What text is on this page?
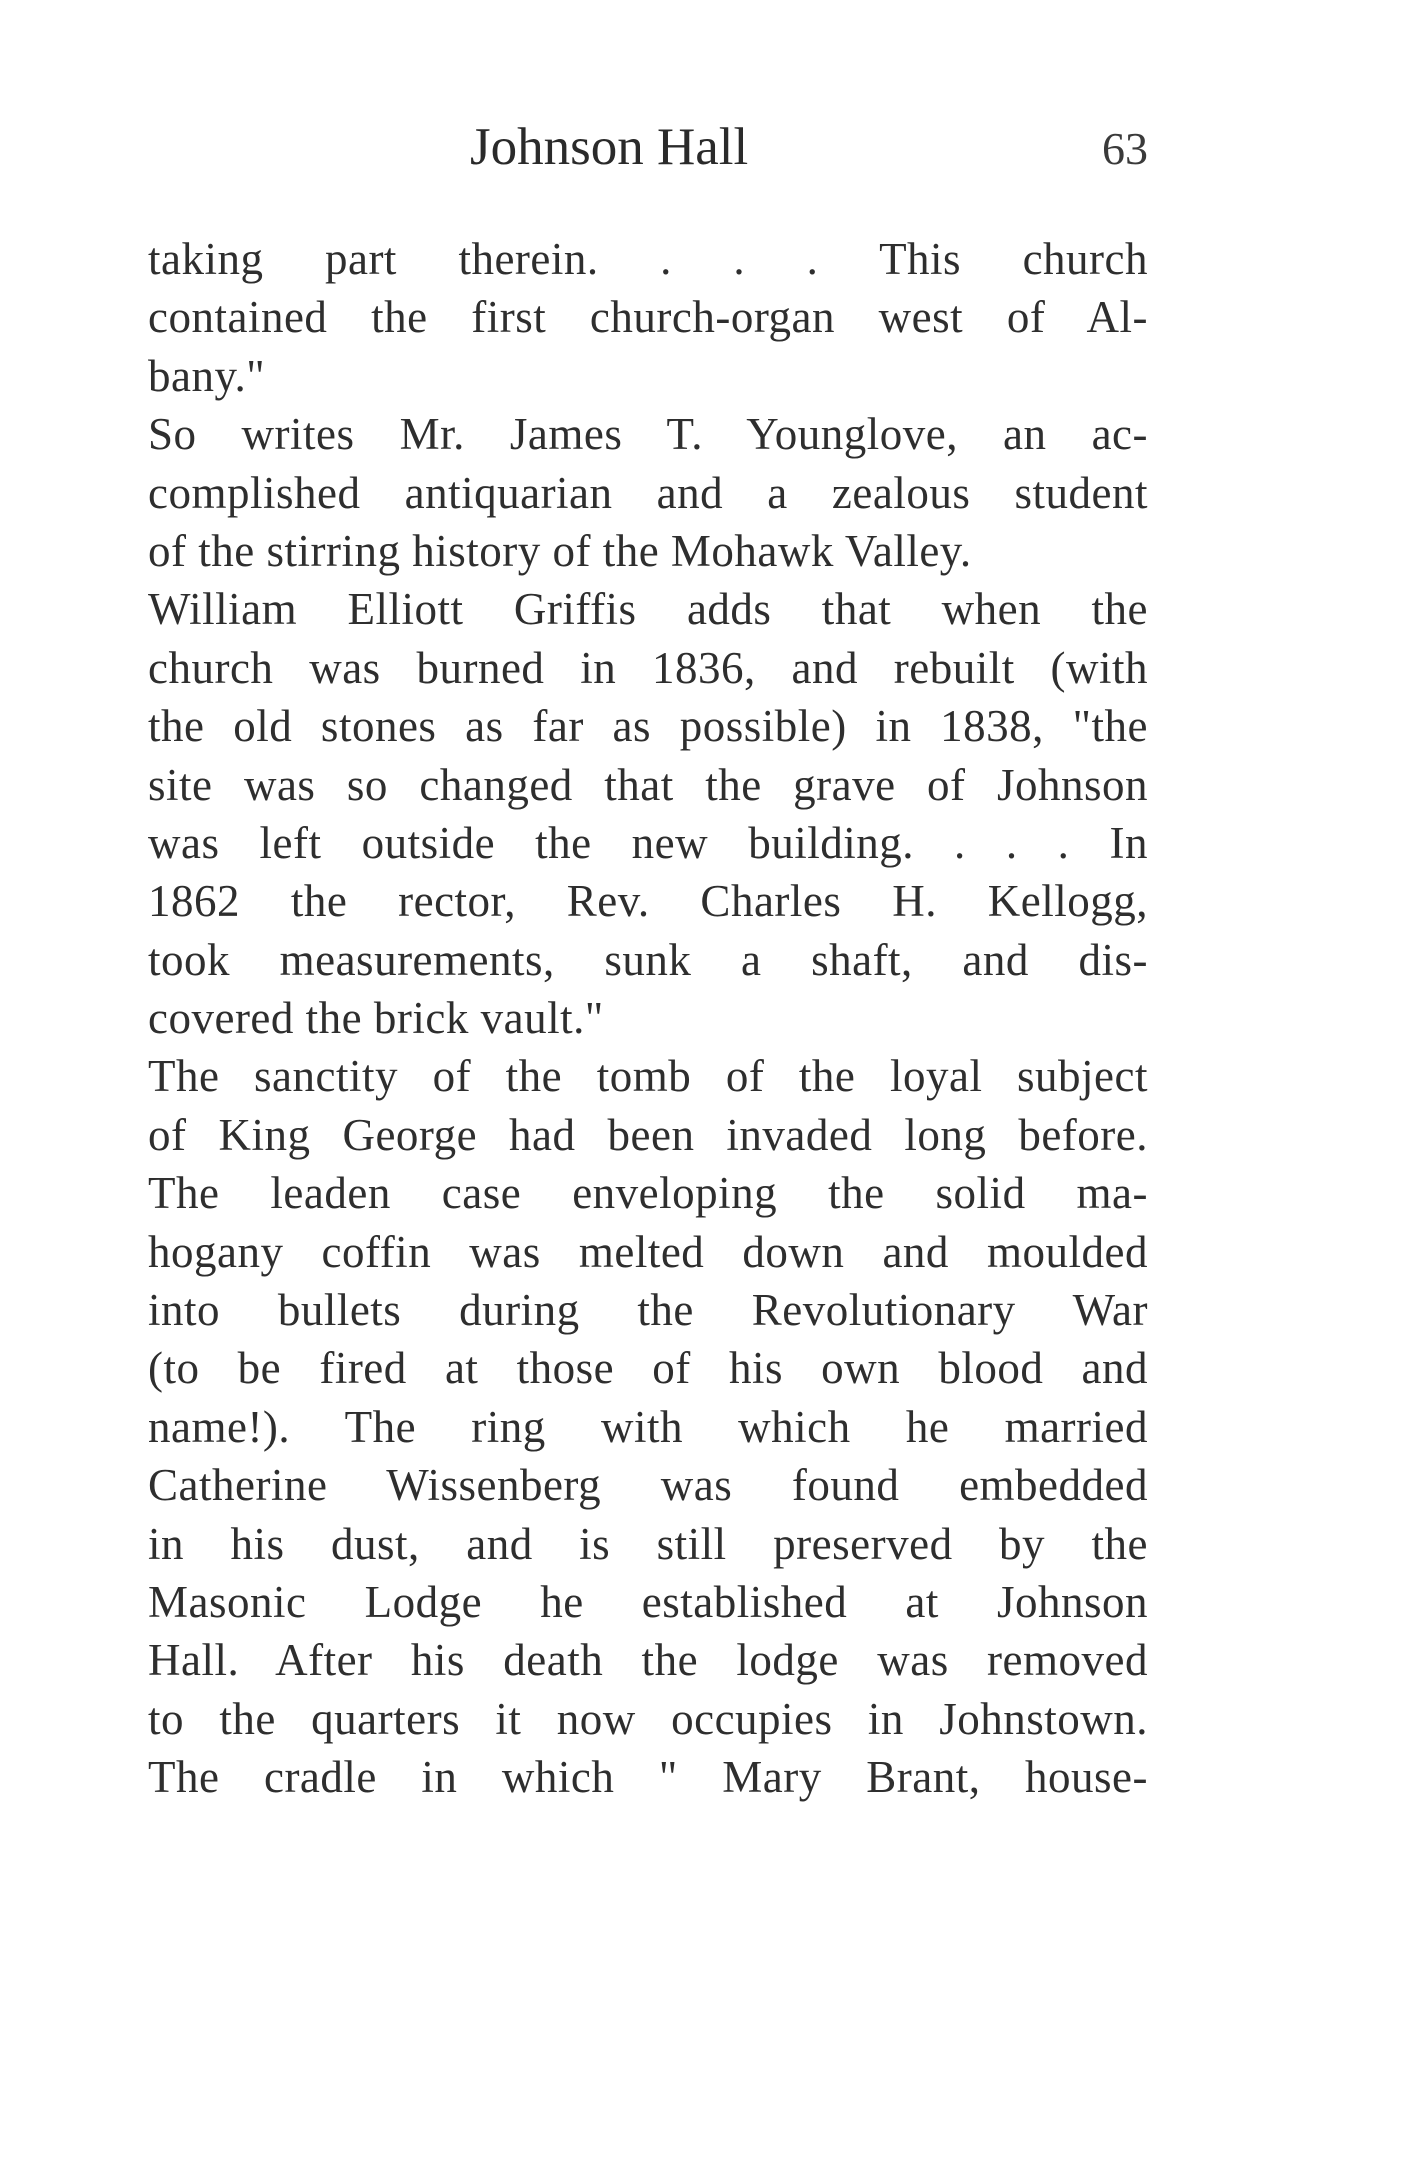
Johnson Hall	63
taking part therein. . . . This church
contained the first church-organ west of Al-
bany."
So writes Mr. James T. Younglove, an ac-
complished antiquarian and a zealous student
of the stirring history of the Mohawk Valley.
William Elliott Griffis adds that when the
church was burned in 1836, and rebuilt (with
the old stones as far as possible) in 1838, "the
site was so changed that the grave of Johnson
was left outside the new building. . . . In
1862 the rector, Rev. Charles H. Kellogg,
took measurements, sunk a shaft, and dis-
covered the brick vault."
The sanctity of the tomb of the loyal subject
of King George had been invaded long before.
The leaden case enveloping the solid ma-
hogany coffin was melted down and moulded
into bullets during the Revolutionary War
(to be fired at those of his own blood and
name!). The ring with which he married
Catherine Wissenberg was found embedded
in his dust, and is still preserved by the
Masonic Lodge he established at Johnson
Hall. After his death the lodge was removed
to the quarters it now occupies in Johnstown.
The cradle in which " Mary Brant, house-
